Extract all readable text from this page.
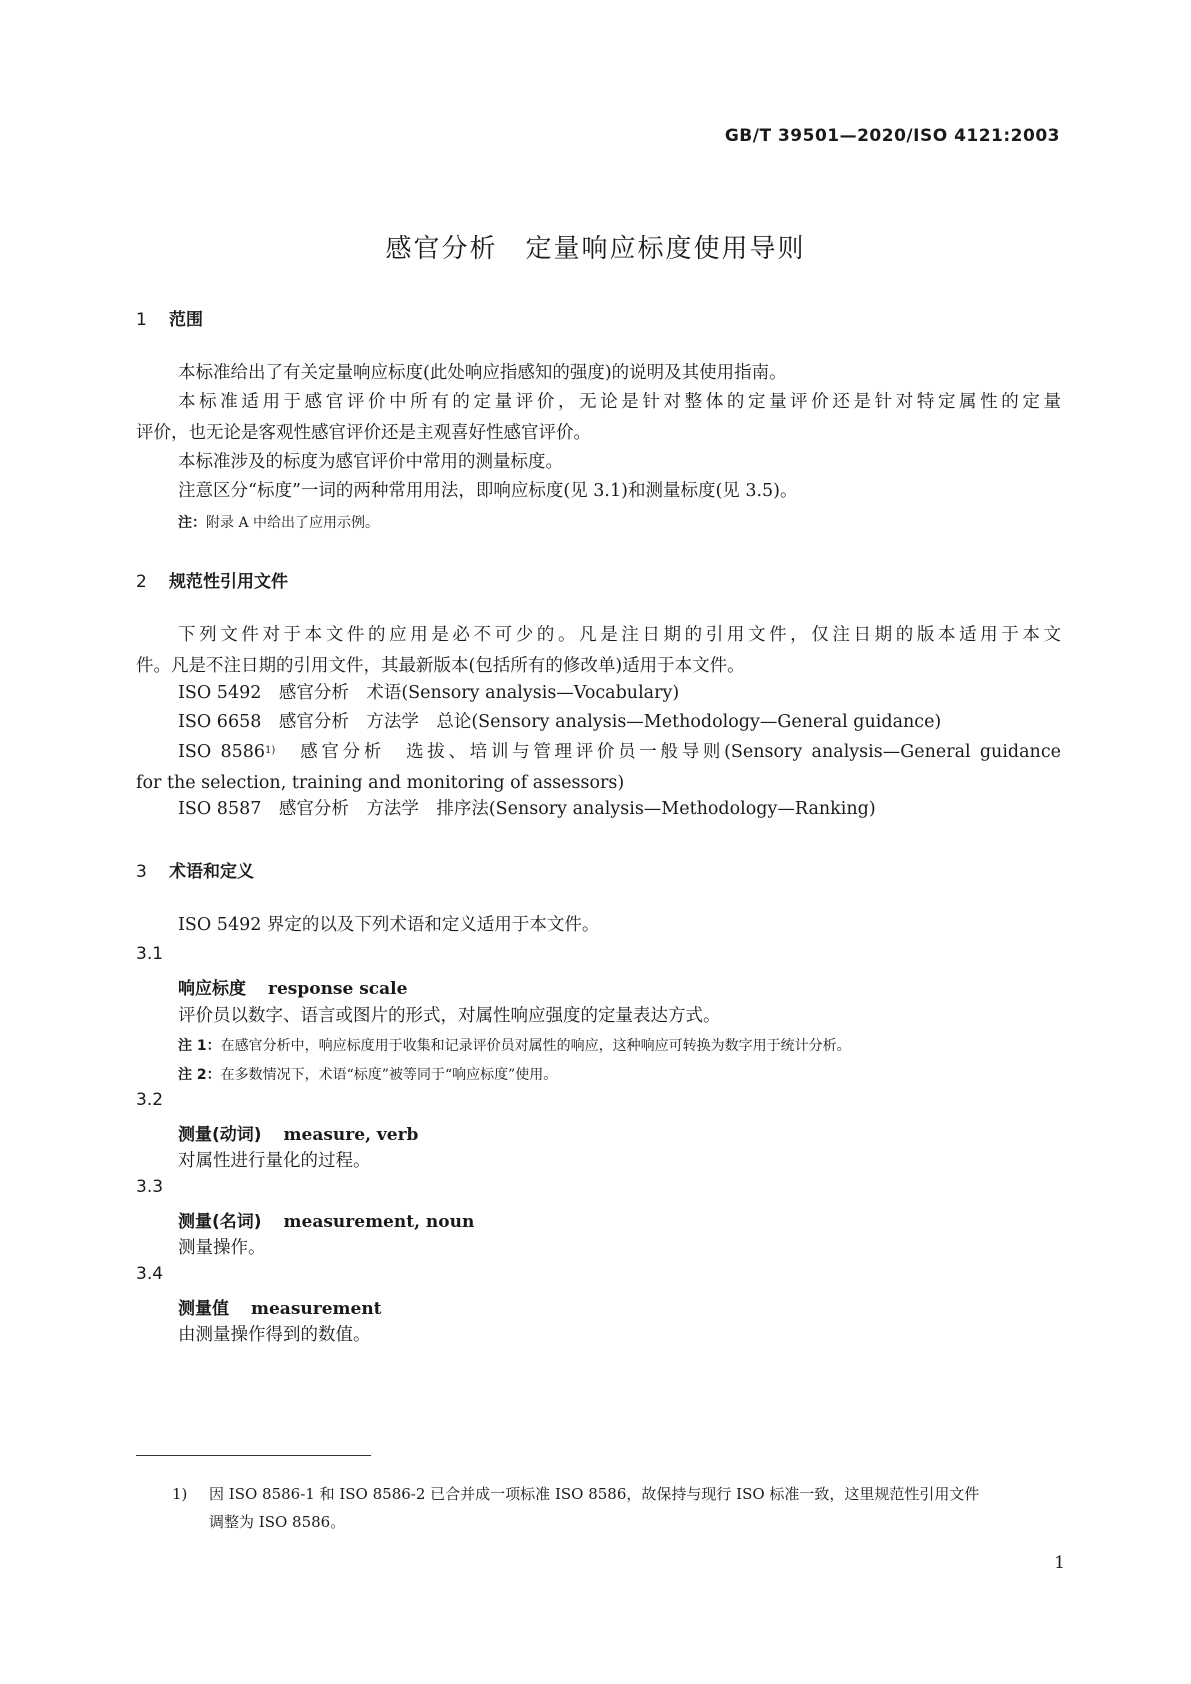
GB/T 39501—2020/ISO 4121:2003
感官分析　定量响应标度使用导则
1 范围
本标准给出了有关定量响应标度(此处响应指感知的强度)的说明及其使用指南。
本标准适用于感官评价中所有的定量评价，无论是针对整体的定量评价还是针对特定属性的定量
评价，也无论是客观性感官评价还是主观喜好性感官评价。
本标准涉及的标度为感官评价中常用的测量标度。
注意区分“标度”一词的两种常用用法，即响应标度(见 3.1)和测量标度(见 3.5)。
注：附录 A 中给出了应用示例。
2 规范性引用文件
下列文件对于本文件的应用是必不可少的。凡是注日期的引用文件，仅注日期的版本适用于本文
件。凡是不注日期的引用文件，其最新版本(包括所有的修改单)适用于本文件。
ISO 5492　感官分析　术语(Sensory analysis—Vocabulary)
ISO 6658　感官分析　方法学　总论(Sensory analysis—Methodology—General guidance)
ISO 8586$^{1)}$　感官分析　选拔、培训与管理评价员一般导则(Sensory analysis—General guidance
for the selection, training and monitoring of assessors)
ISO 8587　感官分析　方法学　排序法(Sensory analysis—Methodology—Ranking)
3 术语和定义
ISO 5492 界定的以及下列术语和定义适用于本文件。
3.1
响应标度 response scale
评价员以数字、语言或图片的形式，对属性响应强度的定量表达方式。
注 1：在感官分析中，响应标度用于收集和记录评价员对属性的响应，这种响应可转换为数字用于统计分析。
注 2：在多数情况下，术语“标度”被等同于“响应标度”使用。
3.2
测量(动词) measure, verb
对属性进行量化的过程。
3.3
测量(名词) measurement, noun
测量操作。
3.4
测量值 measurement
由测量操作得到的数值。
1) 因 ISO 8586-1 和 ISO 8586-2 已合并成一项标准 ISO 8586，故保持与现行 ISO 标准一致，这里规范性引用文件
调整为 ISO 8586。
1
